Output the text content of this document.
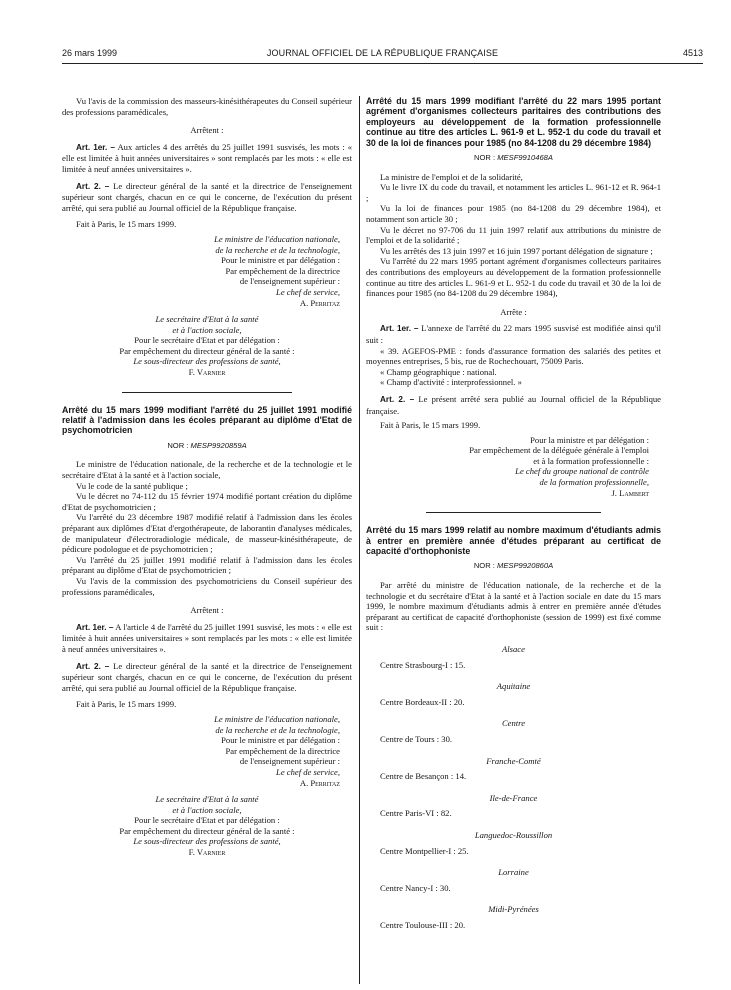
26 mars 1999	JOURNAL OFFICIEL DE LA RÉPUBLIQUE FRANÇAISE	4513

Vu l'avis de la commission des masseurs-kinésithérapeutes du Conseil supérieur des professions paramédicales,

Arrêtent :

Art. 1er. – Aux articles 4 des arrêtés du 25 juillet 1991 susvisés, les mots : « elle est limitée à huit années universitaires » sont remplacés par les mots : « elle est limitée à neuf années universitaires ».

Art. 2. – Le directeur général de la santé et la directrice de l'enseignement supérieur sont chargés, chacun en ce qui le concerne, de l'exécution du présent arrêté, qui sera publié au Journal officiel de la République française.

Fait à Paris, le 15 mars 1999.

Le ministre de l'éducation nationale,

de la recherche et de la technologie,

Pour le ministre et par délégation :

Par empêchement de la directrice

de l'enseignement supérieur :

Le chef de service,

A. Perritaz

Le secrétaire d'Etat à la santé

et à l'action sociale,

Pour le secrétaire d'Etat et par délégation :

Par empêchement du directeur général de la santé :

Le sous-directeur des professions de santé,

F. Varnier

Arrêté du 15 mars 1999 modifiant l'arrêté du 25 juillet 1991 modifié relatif à l'admission dans les écoles préparant au diplôme d'Etat de psychomotricien

NOR : MESP9920859A

Le ministre de l'éducation nationale, de la recherche et de la technologie et le secrétaire d'Etat à la santé et à l'action sociale,

Vu le code de la santé publique ;

Vu le décret no 74-112 du 15 février 1974 modifié portant création du diplôme d'Etat de psychomotricien ;

Vu l'arrêté du 23 décembre 1987 modifié relatif à l'admission dans les écoles préparant aux diplômes d'Etat d'ergothérapeute, de laborantin d'analyses médicales, de manipulateur d'électroradiologie médicale, de masseur-kinésithérapeute, de pédicure podologue et de psychomotricien ;

Vu l'arrêté du 25 juillet 1991 modifié relatif à l'admission dans les écoles préparant au diplôme d'Etat de psychomotricien ;

Vu l'avis de la commission des psychomotriciens du Conseil supérieur des professions paramédicales,

Arrêtent :

Art. 1er. – A l'article 4 de l'arrêté du 25 juillet 1991 susvisé, les mots : « elle est limitée à huit années universitaires » sont remplacés par les mots : « elle est limitée à neuf années universitaires ».

Art. 2. – Le directeur général de la santé et la directrice de l'enseignement supérieur sont chargés, chacun en ce qui le concerne, de l'exécution du présent arrêté, qui sera publié au Journal officiel de la République française.

Fait à Paris, le 15 mars 1999.

Le ministre de l'éducation nationale,

de la recherche et de la technologie,

Pour le ministre et par délégation :

Par empêchement de la directrice

de l'enseignement supérieur :

Le chef de service,

A. Perritaz

Le secrétaire d'Etat à la santé

et à l'action sociale,

Pour le secrétaire d'Etat et par délégation :

Par empêchement du directeur général de la santé :

Le sous-directeur des professions de santé,

F. Varnier

Arrêté du 15 mars 1999 modifiant l'arrêté du 22 mars 1995 portant agrément d'organismes collecteurs paritaires des contributions des employeurs au développement de la formation professionnelle continue au titre des articles L. 961-9 et L. 952-1 du code du travail et 30 de la loi de finances pour 1985 (no 84-1208 du 29 décembre 1984)

NOR : MESF9910468A

La ministre de l'emploi et de la solidarité,

Vu le livre IX du code du travail, et notamment les articles L. 961-12 et R. 964-1 ;

Vu la loi de finances pour 1985 (no 84-1208 du 29 décembre 1984), et notamment son article 30 ;

Vu le décret no 97-706 du 11 juin 1997 relatif aux attributions du ministre de l'emploi et de la solidarité ;

Vu les arrêtés des 13 juin 1997 et 16 juin 1997 portant délégation de signature ;

Vu l'arrêté du 22 mars 1995 portant agrément d'organismes collecteurs paritaires des contributions des employeurs au développement de la formation professionnelle continue au titre des articles L. 961-9 et L. 952-1 du code du travail et 30 de la loi de finances pour 1985 (no 84-1208 du 29 décembre 1984),

Arrête :

Art. 1er. – L'annexe de l'arrêté du 22 mars 1995 susvisé est modifiée ainsi qu'il suit :

« 39. AGEFOS-PME : fonds d'assurance formation des salariés des petites et moyennes entreprises, 5 bis, rue de Rochechouart, 75009 Paris.

« Champ géographique : national.

« Champ d'activité : interprofessionnel. »

Art. 2. – Le présent arrêté sera publié au Journal officiel de la République française.

Fait à Paris, le 15 mars 1999.

Pour la ministre et par délégation :

Par empêchement de la déléguée générale à l'emploi

et à la formation professionnelle :

Le chef du groupe national de contrôle

de la formation professionnelle,

J. Lambert

Arrêté du 15 mars 1999 relatif au nombre maximum d'étudiants admis à entrer en première année d'études préparant au certificat de capacité d'orthophoniste

NOR : MESP9920860A

Par arrêté du ministre de l'éducation nationale, de la recherche et de la technologie et du secrétaire d'Etat à la santé et à l'action sociale en date du 15 mars 1999, le nombre maximum d'étudiants admis à entrer en première année d'études préparant au certificat de capacité d'orthophoniste (session de 1999) est fixé comme suit :

Alsace

Centre Strasbourg-I : 15.

Aquitaine

Centre Bordeaux-II : 20.

Centre

Centre de Tours : 30.

Franche-Comté

Centre de Besançon : 14.

Ile-de-France

Centre Paris-VI : 82.

Languedoc-Roussillon

Centre Montpellier-I : 25.

Lorraine

Centre Nancy-I : 30.

Midi-Pyrénées

Centre Toulouse-III : 20.
